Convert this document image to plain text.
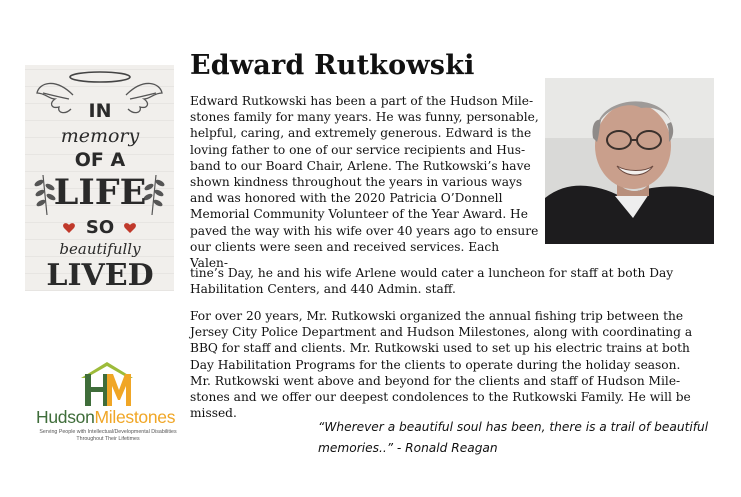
IN
memory
OF A
LIFE
SO
beautifully
LIVED
Edward Rutkowski
Edward Rutkowski has been a part of the Hudson Mile-
stones family for many years. He was funny, personable,
helpful, caring, and extremely generous. Edward is the
loving father to one of our service recipients and Hus-
band to our Board Chair, Arlene. The Rutkowski’s have
shown kindness throughout the years in various ways
and was honored with the 2020 Patricia O’Donnell
Memorial Community Volunteer of the Year Award. He
paved the way with his wife over 40 years ago to ensure
our clients were seen and received services. Each Valen-
tine’s Day, he and his wife Arlene would cater a luncheon for staff at both Day
Habilitation Centers, and 440 Admin. staff.
For over 20 years, Mr. Rutkowski organized the annual fishing trip between the
Jersey City Police Department and Hudson Milestones, along with coordinating a
BBQ for staff and clients. Mr. Rutkowski used to set up his electric trains at both
Day Habilitation Programs for the clients to operate during the holiday season.
Mr. Rutkowski went above and beyond for the clients and staff of Hudson Mile-
stones and we offer our deepest condolences to the Rutkowski Family. He will be
missed.
“Wherever a beautiful soul has been, there is a trail of beautiful
memories..” - Ronald Reagan
HudsonMilestones
Serving People with Intellectual/Developmental Disabilities Throughout Their Lifetimes
